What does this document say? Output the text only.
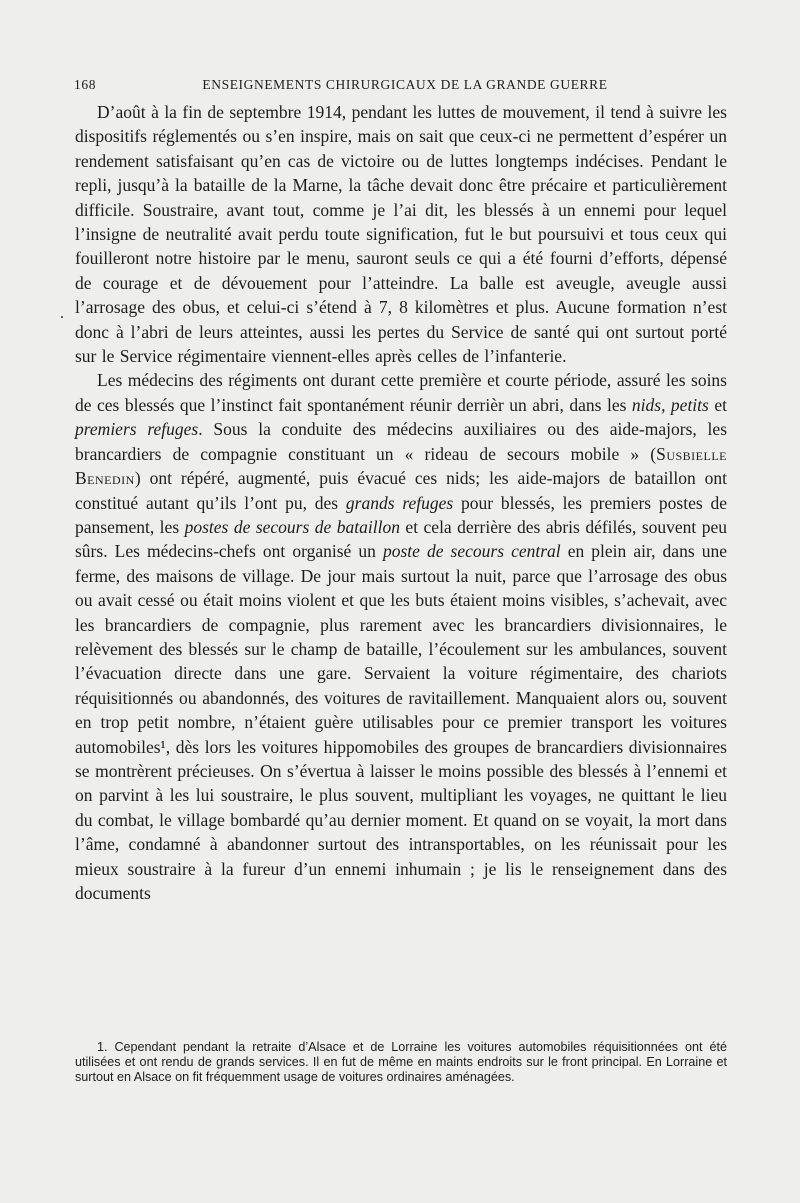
168	ENSEIGNEMENTS CHIRURGICAUX DE LA GRANDE GUERRE
.

D’août à la fin de septembre 1914, pendant les luttes de mouvement, il tend à suivre les dispositifs réglementés ou s’en inspire, mais on sait que ceux-ci ne permettent d’espérer un rendement satisfaisant qu’en cas de victoire ou de luttes longtemps indécises. Pendant le repli, jusqu’à la bataille de la Marne, la tâche devait donc être précaire et particulièrement difficile. Soustraire, avant tout, comme je l’ai dit, les blessés à un ennemi pour lequel l’insigne de neutralité avait perdu toute signification, fut le but poursuivi et tous ceux qui fouilleront notre histoire par le menu, sauront seuls ce qui a été fourni d’efforts, dépensé de courage et de dévouement pour l’atteindre. La balle est aveugle, aveugle aussi l’arrosage des obus, et celui-ci s’étend à 7, 8 kilomètres et plus. Aucune formation n’est donc à l’abri de leurs atteintes, aussi les pertes du Service de santé qui ont surtout porté sur le Service régimentaire viennent-elles après celles de l’infanterie.

Les médecins des régiments ont durant cette première et courte période, assuré les soins de ces blessés que l’instinct fait spontanément réunir derrièr un abri, dans les nids, petits et premiers refuges. Sous la conduite des médecins auxiliaires ou des aide-majors, les brancardiers de compagnie constituant un « rideau de secours mobile » (Susbielle Benedin) ont répéré, augmenté, puis évacué ces nids; les aide-majors de bataillon ont constitué autant qu’ils l’ont pu, des grands refuges pour blessés, les premiers postes de pansement, les postes de secours de bataillon et cela derrière des abris défilés, souvent peu sûrs. Les médecins-chefs ont organisé un poste de secours central en plein air, dans une ferme, des maisons de village. De jour mais surtout la nuit, parce que l’arrosage des obus ou avait cessé ou était moins violent et que les buts étaient moins visibles, s’achevait, avec les brancardiers de compagnie, plus rarement avec les brancardiers divisionnaires, le relèvement des blessés sur le champ de bataille, l’écoulement sur les ambulances, souvent l’évacuation directe dans une gare. Servaient la voiture régimentaire, des chariots réquisitionnés ou abandonnés, des voitures de ravitaillement. Manquaient alors ou, souvent en trop petit nombre, n’étaient guère utilisables pour ce premier transport les voitures automobiles¹, dès lors les voitures hippomobiles des groupes de brancardiers divisionnaires se montrèrent précieuses. On s’évertua à laisser le moins possible des blessés à l’ennemi et on parvint à les lui soustraire, le plus souvent, multipliant les voyages, ne quittant le lieu du combat, le village bombardé qu’au dernier moment. Et quand on se voyait, la mort dans l’âme, condamné à abandonner surtout des intransportables, on les réunissait pour les mieux soustraire à la fureur d’un ennemi inhumain ; je lis le renseignement dans des documents

1. Cependant pendant la retraite d’Alsace et de Lorraine les voitures automobiles réquisitionnées ont été utilisées et ont rendu de grands services. Il en fut de même en maints endroits sur le front principal. En Lorraine et surtout en Alsace on fit fréquemment usage de voitures ordinaires aménagées.
